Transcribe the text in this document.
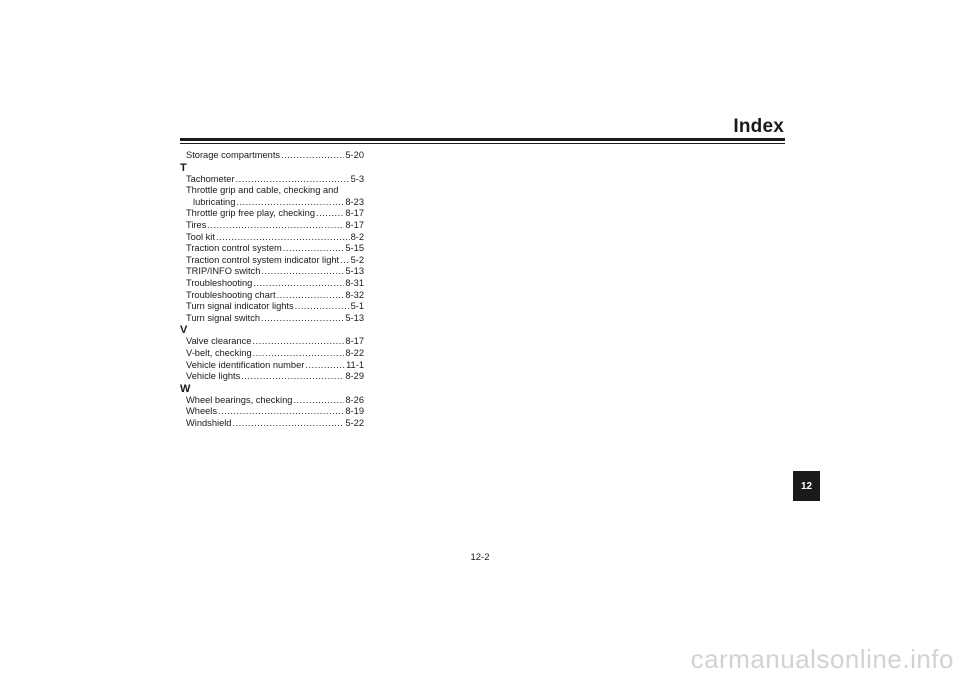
Index
Storage compartments .....	5-20
T
Tachometer .....	5-3
Throttle grip and cable, checking and
lubricating .....	8-23
Throttle grip free play, checking .....	8-17
Tires .....	8-17
Tool kit .....	8-2
Traction control system .....	5-15
Traction control system indicator light ..... 5-2
TRIP/INFO switch .....	5-13
Troubleshooting .....	8-31
Troubleshooting chart .....	8-32
Turn signal indicator lights .....	5-1
Turn signal switch .....	5-13
V
Valve clearance .....	8-17
V-belt, checking .....	8-22
Vehicle identification number .....	11-1
Vehicle lights .....	8-29
W
Wheel bearings, checking .....	8-26
Wheels .....	8-19
Windshield .....	5-22
12
12-2
carmanualsonline.info
